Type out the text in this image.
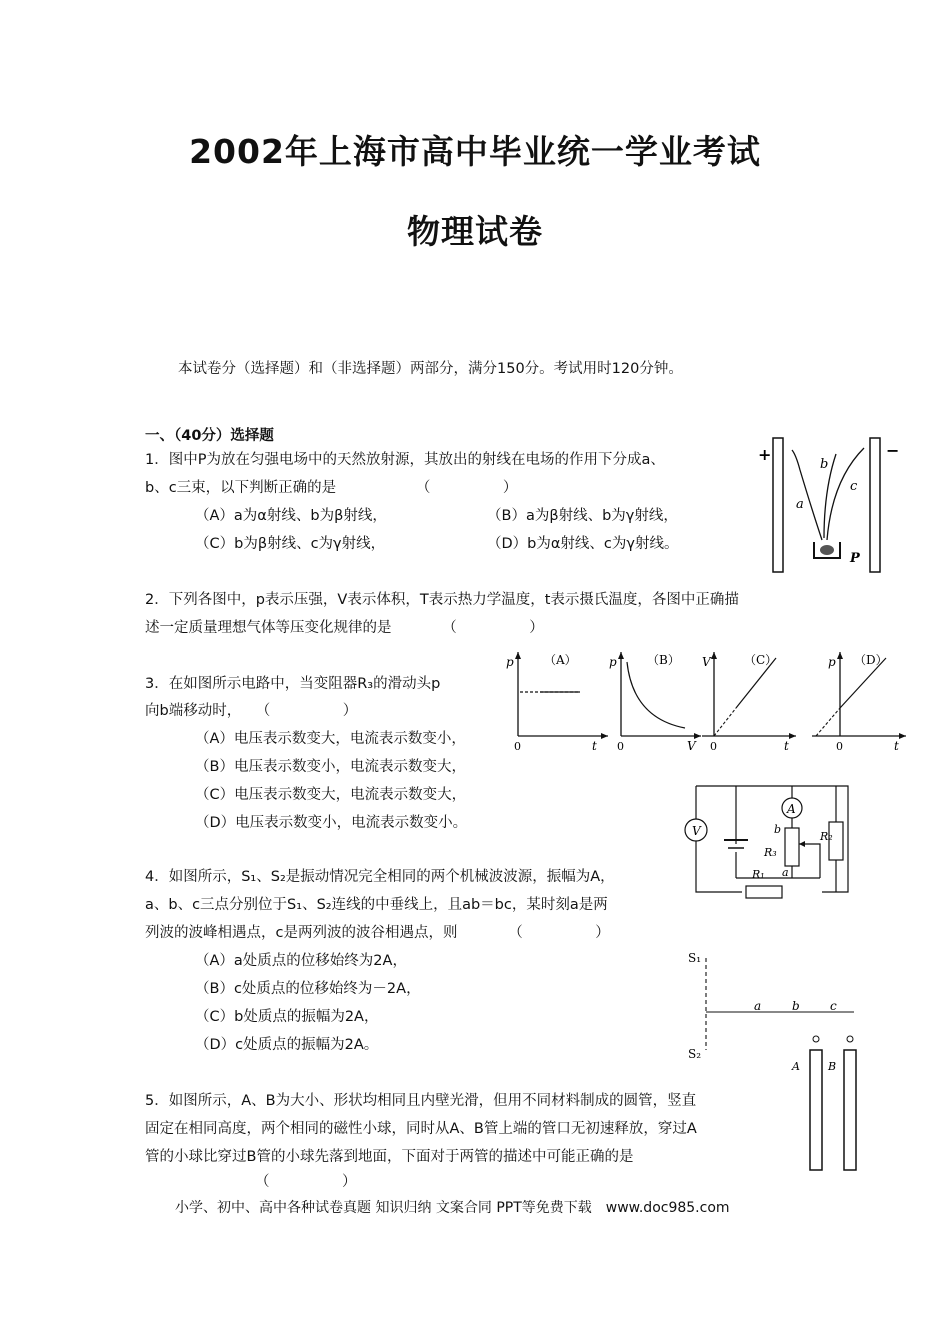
2002年上海市高中毕业统一学业考试
物理试卷
本试卷分（选择题）和（非选择题）两部分，满分150分。考试用时120分钟。
一、（40分）选择题
1．图中P为放在匀强电场中的天然放射源，其放出的射线在电场的作用下分成a、
b、c三束，以下判断正确的是　　　　　　（　　　　　）
（A）a为α射线、b为β射线，	（B）a为β射线、b为γ射线，
（C）b为β射线、c为γ射线，	（D）b为α射线、c为γ射线。
+	−
a
b
c
P
2．下列各图中，p表示压强，V表示体积，T表示热力学温度，t表示摄氏温度，各图中正确描
述一定质量理想气体等压变化规律的是　　　　（　　　　　）
p	（A）
t
0
p	（B）
V
0
V	（C）
t
0
p （D）
t
0
3．在如图所示电路中，当变阻器R₃的滑动头p
向b端移动时，　　（　　　　　）
（A）电压表示数变大，电流表示数变小，
（B）电压表示数变小，电流表示数变大，
（C）电压表示数变大，电流表示数变大，
（D）电压表示数变小，电流表示数变小。	V
A
b
R₃
a
R₂
R₁
4．如图所示，S₁、S₂是振动情况完全相同的两个机械波波源，振幅为A，
a、b、c三点分别位于S₁、S₂连线的中垂线上，且ab＝bc，某时刻a是两
列波的波峰相遇点，c是两列波的波谷相遇点，则　　　　（　　　　　）
（A）a处质点的位移始终为2A，
（B）c处质点的位移始终为－2A，
（C）b处质点的振幅为2A，
（D）c处质点的振幅为2A。
S₁
S₂
a	b	c
5．如图所示，A、B为大小、形状均相同且内壁光滑，但用不同材料制成的圆管，竖直
固定在相同高度，两个相同的磁性小球，同时从A、B管上端的管口无初速释放，穿过A
管的小球比穿过B管的小球先落到地面，下面对于两管的描述中可能正确的是
（　　　　　）
A	B
小学、初中、高中各种试卷真题 知识归纳 文案合同 PPT等免费下载　www.doc985.com
